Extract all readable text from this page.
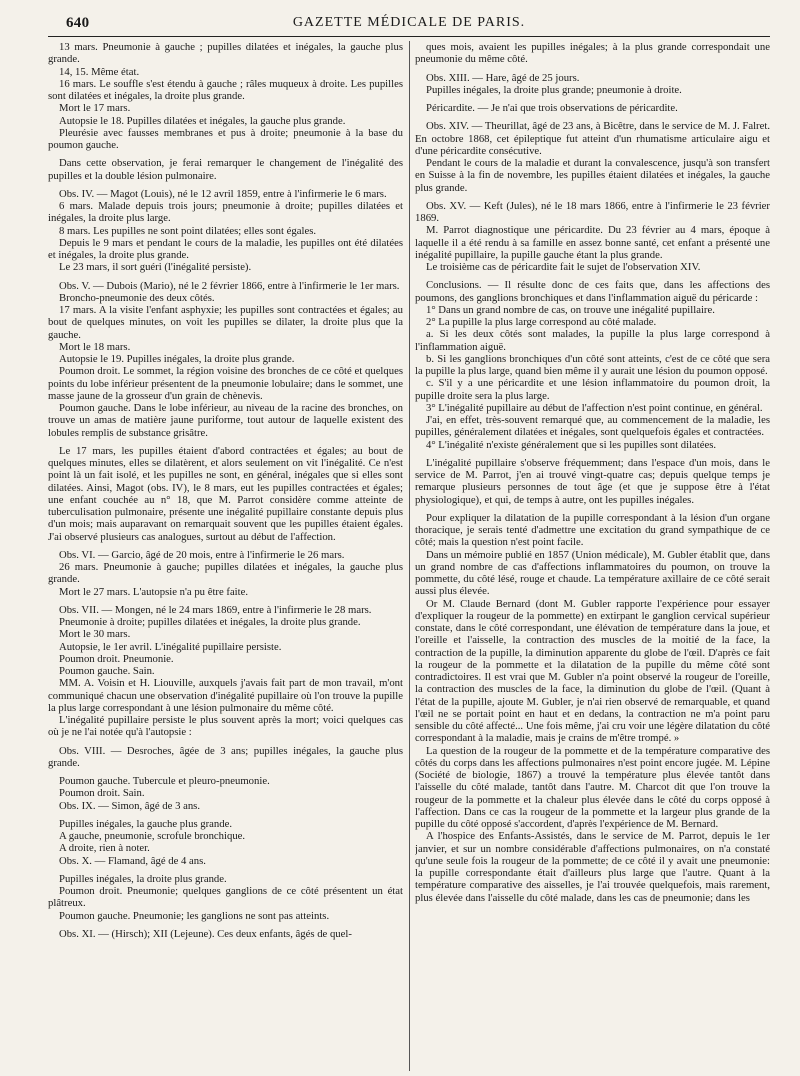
640	GAZETTE MÉDICALE DE PARIS.

13 mars. Pneumonie à gauche ; pupilles dilatées et inégales, la gauche plus grande.

14, 15. Même état.

16 mars. Le souffle s'est étendu à gauche ; râles muqueux à droite. Les pupilles sont dilatées et inégales, la droite plus grande.

Mort le 17 mars.

Autopsie le 18. Pupilles dilatées et inégales, la gauche plus grande.

Pleurésie avec fausses membranes et pus à droite; pneumonie à la base du poumon gauche.

Dans cette observation, je ferai remarquer le changement de l'inégalité des pupilles et la double lésion pulmonaire.

Obs. IV. — Magot (Louis), né le 12 avril 1859, entre à l'infirmerie le 6 mars.

6 mars. Malade depuis trois jours; pneumonie à droite; pupilles dilatées et inégales, la droite plus large.

8 mars. Les pupilles ne sont point dilatées; elles sont égales.

Depuis le 9 mars et pendant le cours de la maladie, les pupilles ont été dilatées et inégales, la droite plus grande.

Le 23 mars, il sort guéri (l'inégalité persiste).

Obs. V. — Dubois (Mario), né le 2 février 1866, entre à l'infirmerie le 1er mars.

Broncho-pneumonie des deux côtés.

17 mars. A la visite l'enfant asphyxie; les pupilles sont contractées et égales; au bout de quelques minutes, on voit les pupilles se dilater, la droite plus que la gauche.

Mort le 18 mars.

Autopsie le 19. Pupilles inégales, la droite plus grande.

Poumon droit. Le sommet, la région voisine des bronches de ce côté et quelques points du lobe inférieur présentent de la pneumonie lobulaire; dans le sommet, une masse jaune de la grosseur d'un grain de chènevis.

Poumon gauche. Dans le lobe inférieur, au niveau de la racine des bronches, on trouve un amas de matière jaune puriforme, tout autour de laquelle existent des lobules remplis de substance grisâtre.

Le 17 mars, les pupilles étaient d'abord contractées et égales; au bout de quelques minutes, elles se dilatèrent, et alors seulement on vit l'inégalité. Ce n'est point là un fait isolé, et les pupilles ne sont, en général, inégales que si elles sont dilatées. Ainsi, Magot (obs. IV), le 8 mars, eut les pupilles contractées et égales; une enfant couchée au n° 18, que M. Parrot considère comme atteinte de tuberculisation pulmonaire, présente une inégalité pupillaire constante depuis plus d'un mois; mais auparavant on remarquait souvent que les pupilles étaient égales. J'ai observé plusieurs cas analogues, surtout au début de l'affection.

Obs. VI. — Garcio, âgé de 20 mois, entre à l'infirmerie le 26 mars.

26 mars. Pneumonie à gauche; pupilles dilatées et inégales, la gauche plus grande.

Mort le 27 mars. L'autopsie n'a pu être faite.

Obs. VII. — Mongen, né le 24 mars 1869, entre à l'infirmerie le 28 mars.

Pneumonie à droite; pupilles dilatées et inégales, la droite plus grande.

Mort le 30 mars.

Autopsie, le 1er avril. L'inégalité pupillaire persiste.

Poumon droit. Pneumonie.

Poumon gauche. Sain.

MM. A. Voisin et H. Liouville, auxquels j'avais fait part de mon travail, m'ont communiqué chacun une observation d'inégalité pupillaire où l'on trouve la pupille la plus large correspondant à une lésion pulmonaire du même côté.

L'inégalité pupillaire persiste le plus souvent après la mort; voici quelques cas où je ne l'ai notée qu'à l'autopsie :

Obs. VIII. — Desroches, âgée de 3 ans; pupilles inégales, la gauche plus grande.

Poumon gauche. Tubercule et pleuro-pneumonie.

Poumon droit. Sain.

Obs. IX. — Simon, âgé de 3 ans.

Pupilles inégales, la gauche plus grande.

A gauche, pneumonie, scrofule bronchique.

A droite, rien à noter.

Obs. X. — Flamand, âgé de 4 ans.

Pupilles inégales, la droite plus grande.

Poumon droit. Pneumonie; quelques ganglions de ce côté présentent un état plâtreux.

Poumon gauche. Pneumonie; les ganglions ne sont pas atteints.

Obs. XI. — (Hirsch); XII (Lejeune). Ces deux enfants, âgés de quel-

ques mois, avaient les pupilles inégales; à la plus grande correspondait une pneumonie du même côté.

Obs. XIII. — Hare, âgé de 25 jours.

Pupilles inégales, la droite plus grande; pneumonie à droite.

Péricardite. — Je n'ai que trois observations de péricardite.

Obs. XIV. — Theurillat, âgé de 23 ans, à Bicêtre, dans le service de M. J. Falret. En octobre 1868, cet épileptique fut atteint d'un rhumatisme articulaire aigu et d'une péricardite consécutive.

Pendant le cours de la maladie et durant la convalescence, jusqu'à son transfert en Suisse à la fin de novembre, les pupilles étaient dilatées et inégales, la gauche plus grande.

Obs. XV. — Keft (Jules), né le 18 mars 1866, entre à l'infirmerie le 23 février 1869.

M. Parrot diagnostique une péricardite. Du 23 février au 4 mars, époque à laquelle il a été rendu à sa famille en assez bonne santé, cet enfant a présenté une inégalité pupillaire, la pupille gauche étant la plus grande.

Le troisième cas de péricardite fait le sujet de l'observation XIV.

Conclusions. — Il résulte donc de ces faits que, dans les affections des poumons, des ganglions bronchiques et dans l'inflammation aiguë du péricarde :

1° Dans un grand nombre de cas, on trouve une inégalité pupillaire.

2° La pupille la plus large correspond au côté malade.

a. Si les deux côtés sont malades, la pupille la plus large correspond à l'inflammation aiguë.

b. Si les ganglions bronchiques d'un côté sont atteints, c'est de ce côté que sera la pupille la plus large, quand bien même il y aurait une lésion du poumon opposé.

c. S'il y a une péricardite et une lésion inflammatoire du poumon droit, la pupille droite sera la plus large.

3° L'inégalité pupillaire au début de l'affection n'est point continue, en général.

J'ai, en effet, très-souvent remarqué que, au commencement de la maladie, les pupilles, généralement dilatées et inégales, sont quelquefois égales et contractées.

4° L'inégalité n'existe généralement que si les pupilles sont dilatées.

L'inégalité pupillaire s'observe fréquemment; dans l'espace d'un mois, dans le service de M. Parrot, j'en ai trouvé vingt-quatre cas; depuis quelque temps je remarque plusieurs personnes de tout âge (et que je suppose être à l'état physiologique), et qui, de temps à autre, ont les pupilles inégales.

Pour expliquer la dilatation de la pupille correspondant à la lésion d'un organe thoracique, je serais tenté d'admettre une excitation du grand sympathique de ce côté; mais la question n'est point facile.

Dans un mémoire publié en 1857 (Union médicale), M. Gubler établit que, dans un grand nombre de cas d'affections inflammatoires du poumon, on trouve la pommette, du côté lésé, rouge et chaude. La température axillaire de ce côté serait aussi plus élevée.

Or M. Claude Bernard (dont M. Gubler rapporte l'expérience pour essayer d'expliquer la rougeur de la pommette) en extirpant le ganglion cervical supérieur constate, dans le côté correspondant, une élévation de température dans la joue, et l'oreille et l'aisselle, la contraction des muscles de la moitié de la face, la contraction de la pupille, la diminution apparente du globe de l'œil. D'après ce fait la rougeur de la pommette et la dilatation de la pupille du même côté sont contradictoires. Il est vrai que M. Gubler n'a point observé la rougeur de l'oreille, la contraction des muscles de la face, la diminution du globe de l'œil. (Quant à l'état de la pupille, ajoute M. Gubler, je n'ai rien observé de remarquable, et quand l'œil ne se portait point en haut et en dedans, la contraction ne m'a point paru sensible du côté affecté... Une fois même, j'ai cru voir une légère dilatation du côté correspondant à la maladie, mais je crains de m'être trompé. »

La question de la rougeur de la pommette et de la température comparative des côtés du corps dans les affections pulmonaires n'est point encore jugée. M. Lépine (Société de biologie, 1867) a trouvé la température plus élevée tantôt dans l'aisselle du côté malade, tantôt dans l'autre. M. Charcot dit que l'on trouve la rougeur de la pommette et la chaleur plus élevée dans le côté du corps opposé à l'affection. Dans ce cas la rougeur de la pommette et la largeur plus grande de la pupille du côté opposé s'accordent, d'après l'expérience de M. Bernard.

A l'hospice des Enfants-Assistés, dans le service de M. Parrot, depuis le 1er janvier, et sur un nombre considérable d'affections pulmonaires, on n'a constaté qu'une seule fois la rougeur de la pommette; de ce côté il y avait une pneumonie: la pupille correspondante était d'ailleurs plus large que l'autre. Quant à la température comparative des aisselles, je l'ai trouvée quelquefois, mais rarement, plus élevée dans l'aisselle du côté malade, dans les cas de pneumonie; dans les
